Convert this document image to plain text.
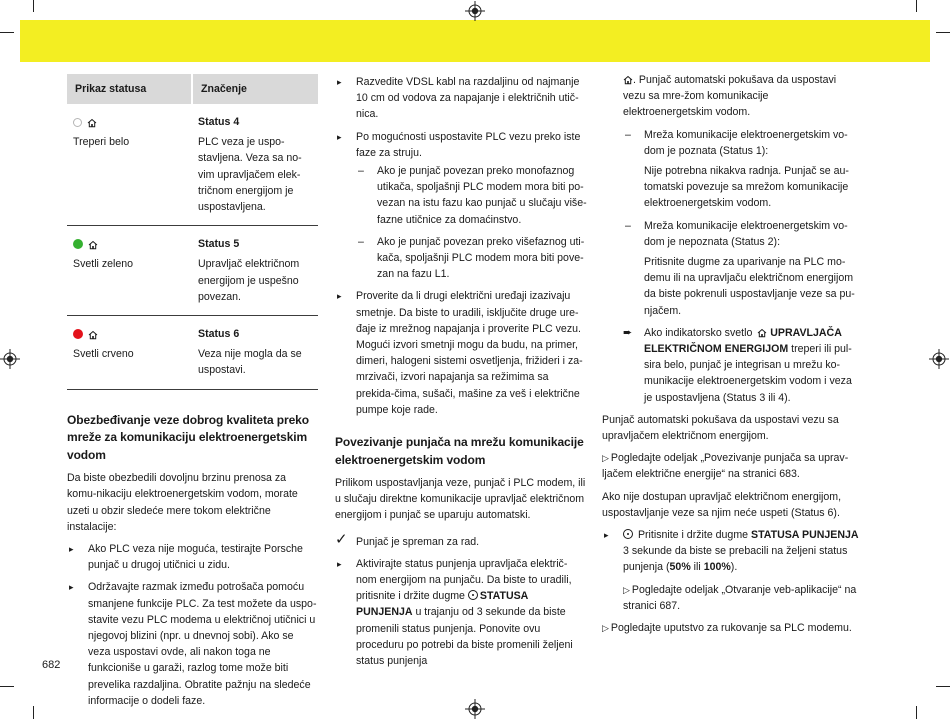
Prikaz statusa	Značenje

Treperi belo	Status 4
PLC veza je uspo-stavljena. Veza sa no-vim upravljačem elek-tričnom energijom je uspostavljena.

Svetli zeleno	Status 5
Upravljač električnom energijom je uspešno povezan.

Svetli crveno	Status 6
Veza nije mogla da se uspostavi.
Obezbeđivanje veze dobrog kvaliteta preko mreže za komunikaciju elektroenergetskim vodom

Da biste obezbedili dovoljnu brzinu prenosa za komu-nikaciju elektroenergetskim vodom, morate uzeti u obzir sledeće mere tokom električne instalacije:

▸ Ako PLC veza nije moguća, testirajte Porsche punjač u drugoj utičnici u zidu.
▸ Održavajte razmak između potrošača pomoću smanjene funkcije PLC. Za test možete da uspo-stavite vezu PLC modema u električnoj utičnici u njegovoj blizini (npr. u dnevnoj sobi). Ako se veza uspostavi ovde, ali nakon toga ne funkcioniše u garaži, razlog tome može biti prevelika razdaljina. Obratite pažnju na sledeće informacije o dodeli faze.
▸ Razvedite VDSL kabl na razdaljinu od najmanje 10 cm od vodova za napajanje i električnih utič-nica.
▸ Po mogućnosti uspostavite PLC vezu preko iste faze za struju.
– Ako je punjač povezan preko monofaznog utikača, spoljašnji PLC modem mora biti po-vezan na istu fazu kao punjač u slučaju više-fazne utičnice za domaćinstvo.
– Ako je punjač povezan preko višefaznog uti-kača, spoljašnji PLC modem mora biti pove-zan na fazu L1.
▸ Proverite da li drugi električni uređaji izazivaju smetnje. Da biste to uradili, isključite druge ure-đaje iz mrežnog napajanja i proverite PLC vezu. Mogući izvori smetnji mogu da budu, na primer, dimeri, halogeni sistemi osvetljenja, frižideri i za-mrzivači, izvori napajanja sa režimima sa prekida-čima, sušači, mašine za veš i električne pumpe koje rade.
Povezivanje punjača na mrežu komunikacije elektroenergetskim vodom

Prilikom uspostavljanja veze, punjač i PLC modem, ili u slučaju direktne komunikacije upravljač električnom energijom i punjač se uparuju automatski.

✓ Punjač je spreman za rad.
▸ Aktivirajte status punjenja upravljača električ-nom energijom na punjaču. Da biste to uradili, pritisnite i držite dugme STATUSA PUNJENJA u trajanju od 3 sekunde da biste promenili status punjenja. Ponovite ovu proceduru po potrebi da biste promenili željeni status punjenja
. Punjač automatski pokušava da uspostavi vezu sa mre-žom komunikacije elektroenergetskim vodom.
– Mreža komunikacije elektroenergetskim vo-dom je poznata (Status 1):
Nije potrebna nikakva radnja. Punjač se au-tomatski povezuje sa mrežom komunikacije elektroenergetskim vodom.
– Mreža komunikacije elektroenergetskim vo-dom je nepoznata (Status 2):
Pritisnite dugme za uparivanje na PLC mo-demu ili na upravljaču električnom energijom da biste pokrenuli uspostavljanje veze sa pu-njačem.
➨ Ako indikatorsko svetlo  UPRAVLJAČA ELEKTRIČNOM ENERGIJOM treperi ili pul-sira belo, punjač je integrisan u mrežu ko-munikacije elektroenergetskim vodom i veza je uspostavljena (Status 3 ili 4).

Punjač automatski pokušava da uspostavi vezu sa upravljačem električnom energijom.

▷ Pogledajte odeljak „Povezivanje punjača sa uprav-ljačem električne energije“ na stranici 683.

Ako nije dostupan upravljač električnom energijom, uspostavljanje veze sa njim neće uspeti (Status 6).

▸ Pritisnite i držite dugme STATUSA PUNJENJA 3 sekunde da biste se prebacili na željeni status punjenja (50% ili 100%).
▷ Pogledajte odeljak „Otvaranje veb-aplikacije“ na stranici 687.

▷ Pogledajte uputstvo za rukovanje sa PLC modemu.

682
